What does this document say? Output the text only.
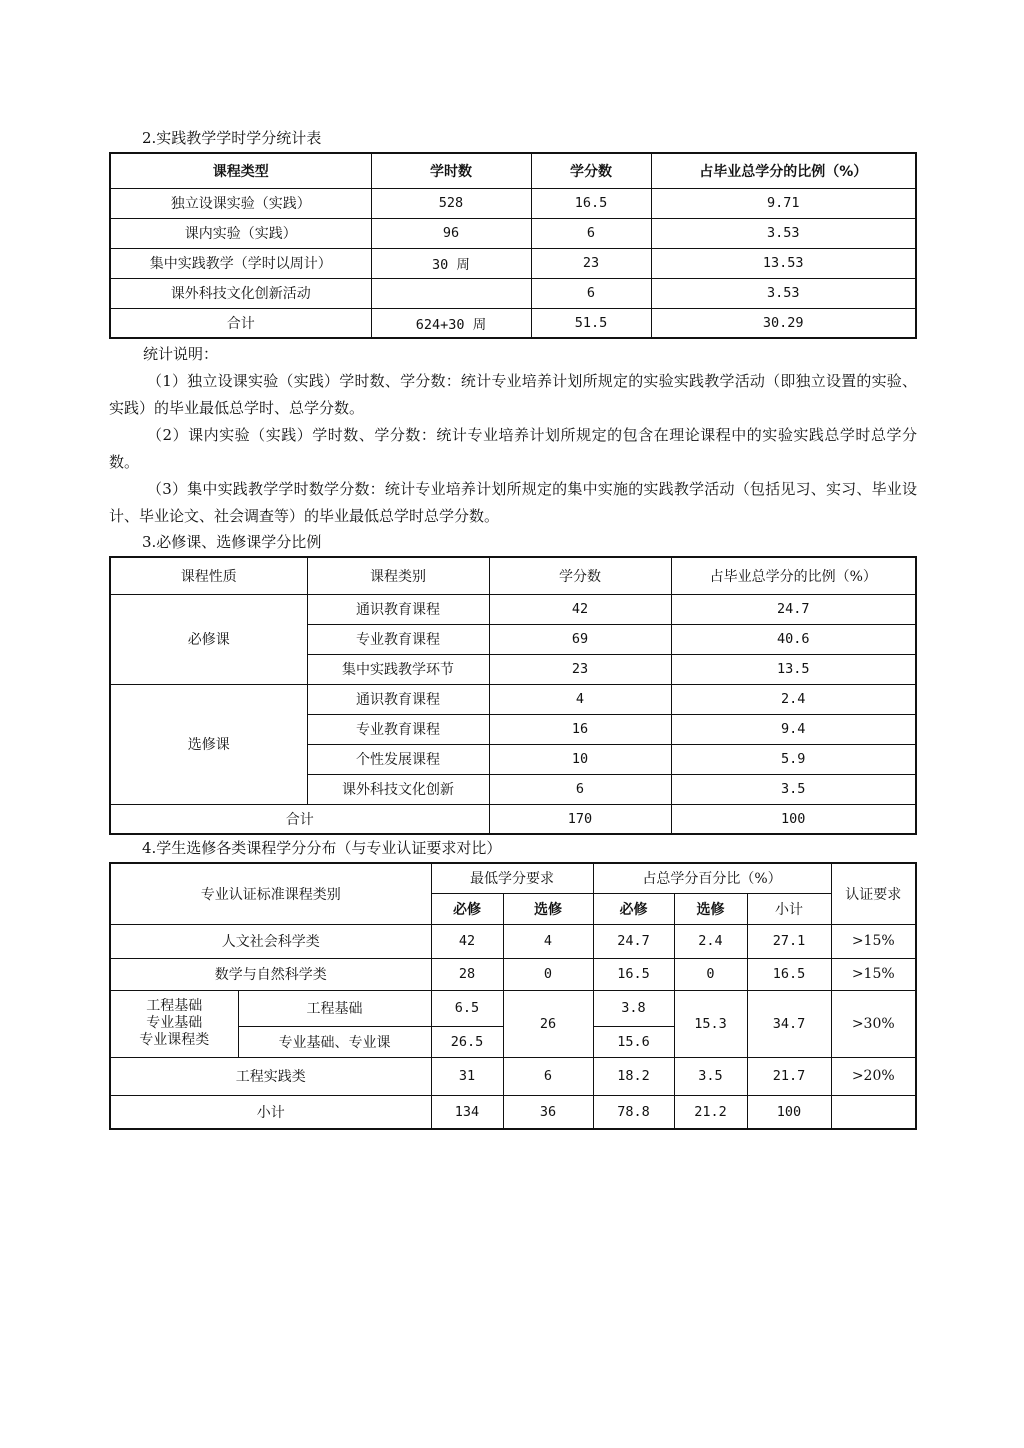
2.实践教学学时学分统计表
课程类型	学时数	学分数	占毕业总学分的比例（%）
独立设课实验（实践）	528	16.5	9.71
课内实验（实践）	96	6	3.53
集中实践教学（学时以周计）	30 周	23	13.53
课外科技文化创新活动		6	3.53
合计	624+30 周	51.5	30.29

统计说明：

（1）独立设课实验（实践）学时数、学分数：统计专业培养计划所规定的实验实践教学活动（即独立设置的实验、实践）的毕业最低总学时、总学分数。

（2）课内实验（实践）学时数、学分数：统计专业培养计划所规定的包含在理论课程中的实验实践总学时总学分数。

（3）集中实践教学学时数学分数：统计专业培养计划所规定的集中实施的实践教学活动（包括见习、实习、毕业设计、毕业论文、社会调查等）的毕业最低总学时总学分数。

3.必修课、选修课学分比例
课程性质	课程类别	学分数	占毕业总学分的比例（%）
必修课	通识教育课程	42	24.7
	专业教育课程	69	40.6
	集中实践教学环节	23	13.5
选修课	通识教育课程	4	2.4
	专业教育课程	16	9.4
	个性发展课程	10	5.9
	课外科技文化创新	6	3.5
合计		170	100
4.学生选修各类课程学分分布（与专业认证要求对比）
专业认证标准课程类别		最低学分要求		占总学分百分比（%）			认证要求
		必修	选修	必修	选修	小计	
人文社会科学类		42	4	24.7	2.4	27.1	>15%
数学与自然科学类		28	0	16.5	0	16.5	>15%

工程基础
专业基础
专业课程类	工程基础	6.5	26	3.8	15.3	34.7	>30%
	专业基础、专业课	26.5		15.6			
工程实践类		31	6	18.2	3.5	21.7	>20%
小计		134	36	78.8	21.2	100	
